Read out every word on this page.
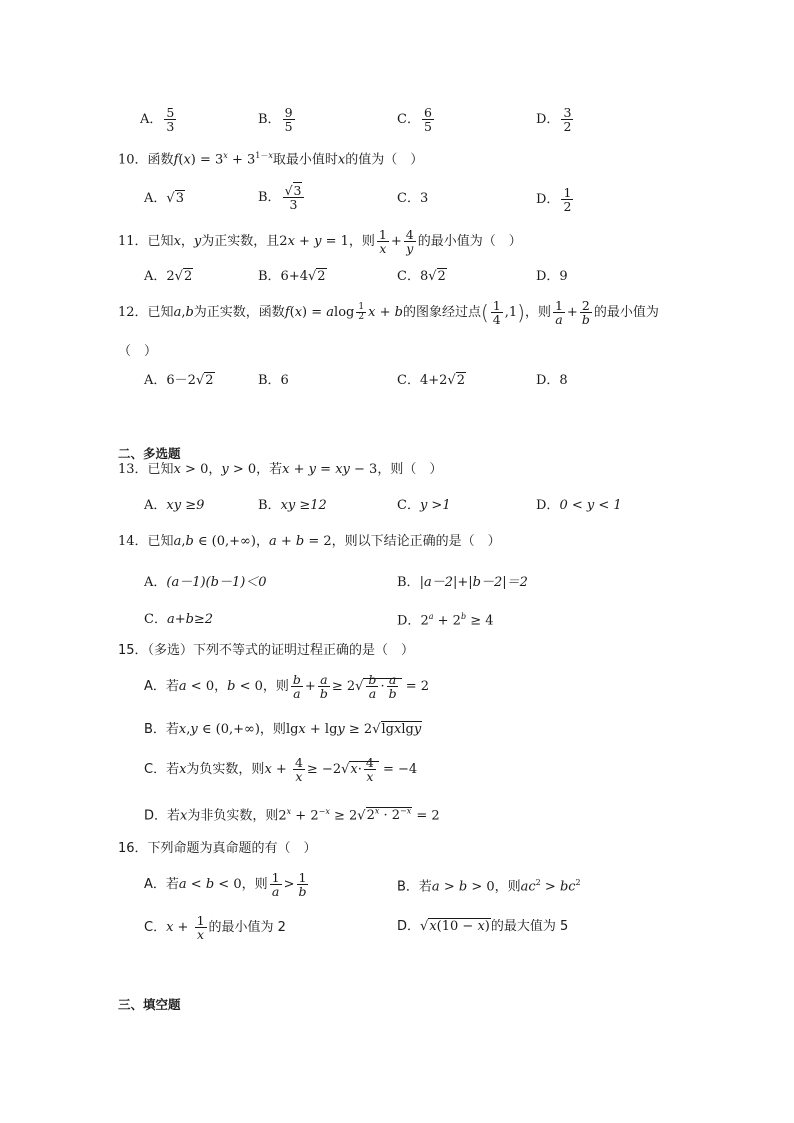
A． $\frac{5}{3}$	B． $\frac{9}{5}$	C． $\frac{6}{5}$	D． $\frac{3}{2}$
10．函数$f(x) = 3^x + 3^{1-x}$取最小值时x的值为（　）
A．√3	B． $\frac{√3}{3}$	C．3	D． $\frac{1}{2}$
11．已知x，y为正实数，且2x + y = 1，则 $\frac{1}{x} + \frac{4}{y}$ 的最小值为（　）
A．2√2	B．6+4√2	C．8√2	D．9
12．已知a,b为正实数，函数f(x) = alog $\frac{1}{2}$ x + b的图象经过点( $\frac{1}{4} ,1$)，则 $\frac{1}{a} + \frac{2}{b}$ 的最小值为
（　）
A．6－2√2	B．6	C．4+2√2	D．8
二、多选题
13．已知x > 0，y > 0，若x + y = xy − 3，则（　）
A．xy ≥9	B．xy ≥12	C．y >1	D．0 < y < 1
14．已知a,b ∈ (0,+∞)，a + b = 2，则以下结论正确的是（　）
A．(a－1)(b－1)＜0	B．|a－2|+|b－2|＝2
C．a+b≥2	D．$2^a + 2^b \ge 4$
15．（多选）下列不等式的证明过程正确的是（　）
A．若a < 0，b < 0，则 $\frac{b}{a} + \frac{a}{b} \ge 2√ \frac{b}{a} \cdot \frac{a}{b} = 2$
B．若x,y ∈ (0,+∞)，则lgx + lgy ≥ 2√lgxlgy
C．若x为负实数，则$x + \frac{4}{x} \ge -2√x\cdot \frac{4}{x} = -4$
D．若x为非负实数，则$2^x + 2^{-x} \ge 2√2^x \cdot 2^{-x} = 2$
16．下列命题为真命题的有（　）
A．若a < b < 0，则 $\frac{1}{a} > \frac{1}{b}$	B．若a > b > 0，则$ac^2 > bc^2$
C．$x + \frac{1}{x}$ 的最小值为 2	D．√x(10 − x)的最大值为 5
三、填空题
